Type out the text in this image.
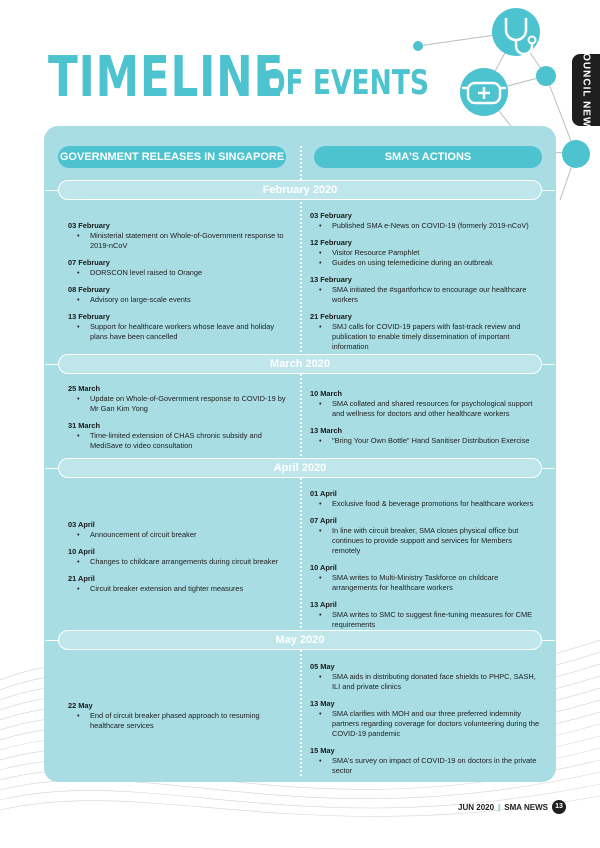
TIMELINE
OF EVENTS	COUNCIL NEWS
GOVERNMENT RELEASES IN SINGAPORE	SMA'S ACTIONS
February 2020
March 2020
April 2020
May 2020
03 February
• Ministerial statement on Whole-of-Government response to 2019-nCoV
07 February
• DORSCON level raised to Orange
08 February
• Advisory on large-scale events
13 February
• Support for healthcare workers whose leave and holiday plans have been cancelled
03 February
• Published SMA e-News on COVID-19 (formerly 2019-nCoV)
12 February
• Visitor Resource Pamphlet
• Guides on using telemedicine during an outbreak
13 February
• SMA initiated the #sgartforhcw to encourage our healthcare workers
21 February
• SMJ calls for COVID-19 papers with fast-track review and publication to enable timely dissemination of important information
25 March
• Update on Whole-of-Government response to COVID-19 by Mr Gan Kim Yong
31 March
• Time-limited extension of CHAS chronic subsidy and MediSave to video consultation
10 March
• SMA collated and shared resources for psychological support and wellness for doctors and other healthcare workers
13 March
• "Bring Your Own Bottle" Hand Sanitiser Distribution Exercise
03 April
• Announcement of circuit breaker
10 April
• Changes to childcare arrangements during circuit breaker
21 April
• Circuit breaker extension and tighter measures
01 April
• Exclusive food & beverage promotions for healthcare workers
07 April
• In line with circuit breaker, SMA closes physical office but continues to provide support and services for Members remotely
10 April
• SMA writes to Multi-Ministry Taskforce on childcare arrangements for healthcare workers
13 April
• SMA writes to SMC to suggest fine-tuning measures for CME requirements
22 May
• End of circuit breaker phased approach to resuming healthcare services
05 May
• SMA aids in distributing donated face shields to PHPC, SASH, ILI and private clinics
13 May
• SMA clarifies with MOH and our three preferred indemnity partners regarding coverage for doctors volunteering during the COVID-19 pandemic
15 May
• SMA's survey on impact of COVID-19 on doctors in the private sector
JUN 2020 | SMA NEWS	13
